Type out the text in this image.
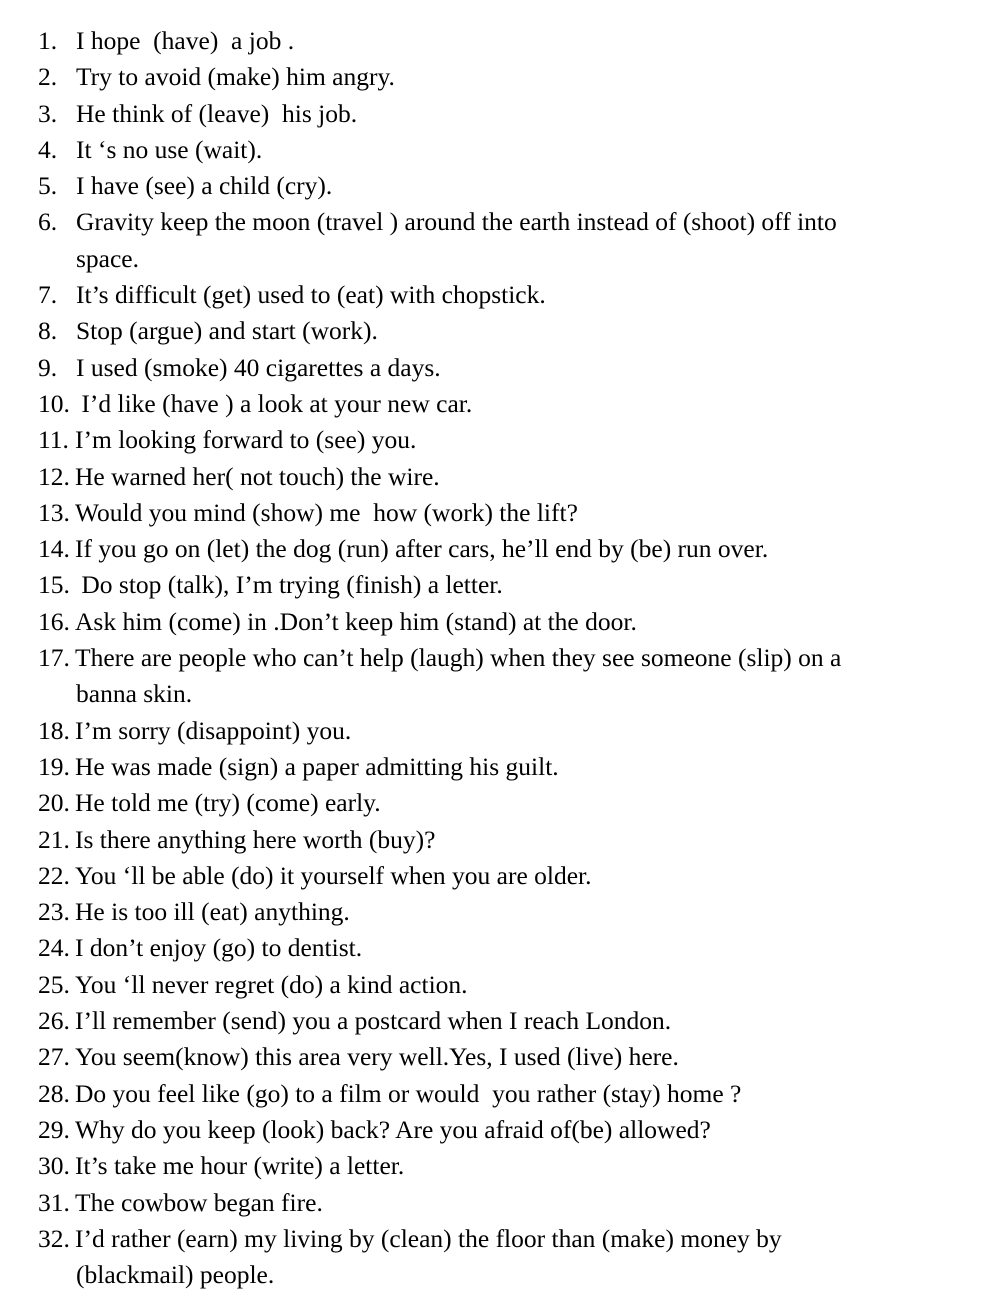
1. I hope  (have)  a job .
2. Try to avoid (make) him angry.
3. He think of (leave)  his job.
4. It ‘s no use (wait).
5. I have (see) a child (cry).
6. Gravity keep the moon (travel ) around the earth instead of (shoot) off into
space.
7. It’s difficult (get) used to (eat) with chopstick.
8. Stop (argue) and start (work).
9. I used (smoke) 40 cigarettes a days.
10. I’d like (have ) a look at your new car.
11. I’m looking forward to (see) you.
12. He warned her( not touch) the wire.
13. Would you mind (show) me  how (work) the lift?
14. If you go on (let) the dog (run) after cars, he’ll end by (be) run over.
15. Do stop (talk), I’m trying (finish) a letter.
16. Ask him (come) in .Don’t keep him (stand) at the door.
17. There are people who can’t help (laugh) when they see someone (slip) on a
banna skin.
18. I’m sorry (disappoint) you.
19. He was made (sign) a paper admitting his guilt.
20. He told me (try) (come) early.
21. Is there anything here worth (buy)?
22. You ‘ll be able (do) it yourself when you are older.
23. He is too ill (eat) anything.
24. I don’t enjoy (go) to dentist.
25. You ‘ll never regret (do) a kind action.
26. I’ll remember (send) you a postcard when I reach London.
27. You seem(know) this area very well.Yes, I used (live) here.
28. Do you feel like (go) to a film or would  you rather (stay) home ?
29. Why do you keep (look) back? Are you afraid of(be) allowed?
30. It’s take me hour (write) a letter.
31. The cowbow began fire.
32. I’d rather (earn) my living by (clean) the floor than (make) money by
(blackmail) people.
